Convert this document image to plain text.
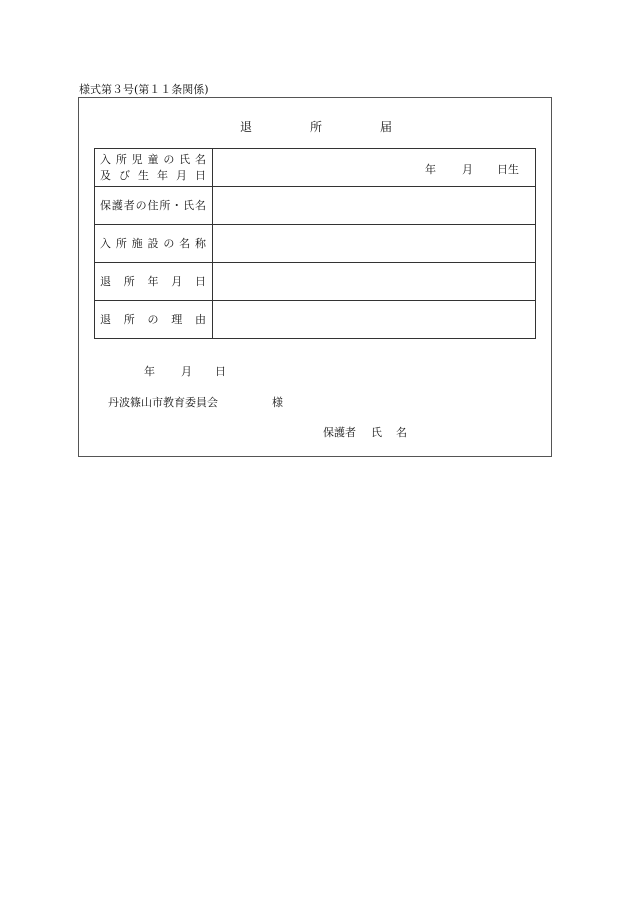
様式第３号(第１１条関係)
退	所	届
入所児童の氏名
及び生年月日	年 月 日生

保護者の住所・氏名	

入所施設の名称	

退所年月日	

退所の理由	

年 月 日
丹波篠山市教育委員会	様
保護者 氏 名
